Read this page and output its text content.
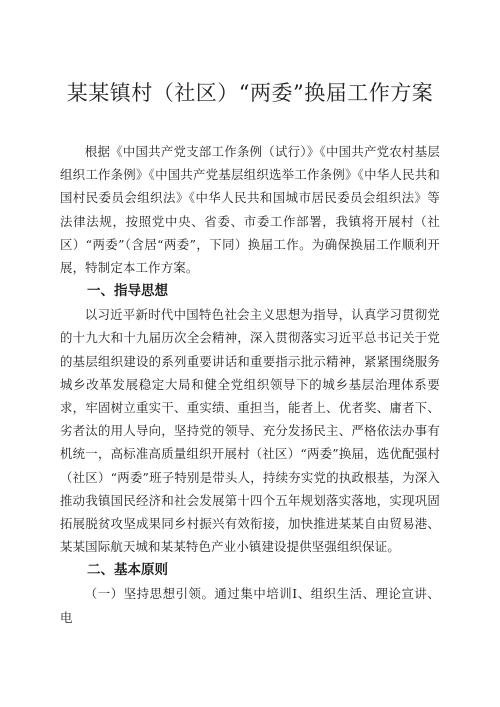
某某镇村（社区）“两委”换届工作方案

根据《中国共产党支部工作条例（试行）》《中国共产党农村基层组织工作条例》《中国共产党基层组织选举工作条例》《中华人民共和国村民委员会组织法》《中华人民共和国城市居民委员会组织法》等法律法规，按照党中央、省委、市委工作部署，我镇将开展村（社区）“两委”（含居“两委”，下同）换届工作。为确保换届工作顺利开展，特制定本工作方案。

一、指导思想

以习近平新时代中国特色社会主义思想为指导，认真学习贯彻党的十九大和十九届历次全会精神，深入贯彻落实习近平总书记关于党的基层组织建设的系列重要讲话和重要指示批示精神，紧紧围绕服务城乡改革发展稳定大局和健全党组织领导下的城乡基层治理体系要求，牢固树立重实干、重实绩、重担当，能者上、优者奖、庸者下、劣者汰的用人导向，坚持党的领导、充分发扬民主、严格依法办事有机统一，高标准高质量组织开展村（社区）“两委”换届，选优配强村（社区）“两委”班子特别是带头人，持续夯实党的执政根基，为深入推动我镇国民经济和社会发展第十四个五年规划落实落地，实现巩固拓展脱贫攻坚成果同乡村振兴有效衔接，加快推进某某自由贸易港、某某国际航天城和某某特色产业小镇建设提供坚强组织保证。

二、基本原则

（一）坚持思想引领。通过集中培训Ⅰ、组织生活、理论宣讲、电
